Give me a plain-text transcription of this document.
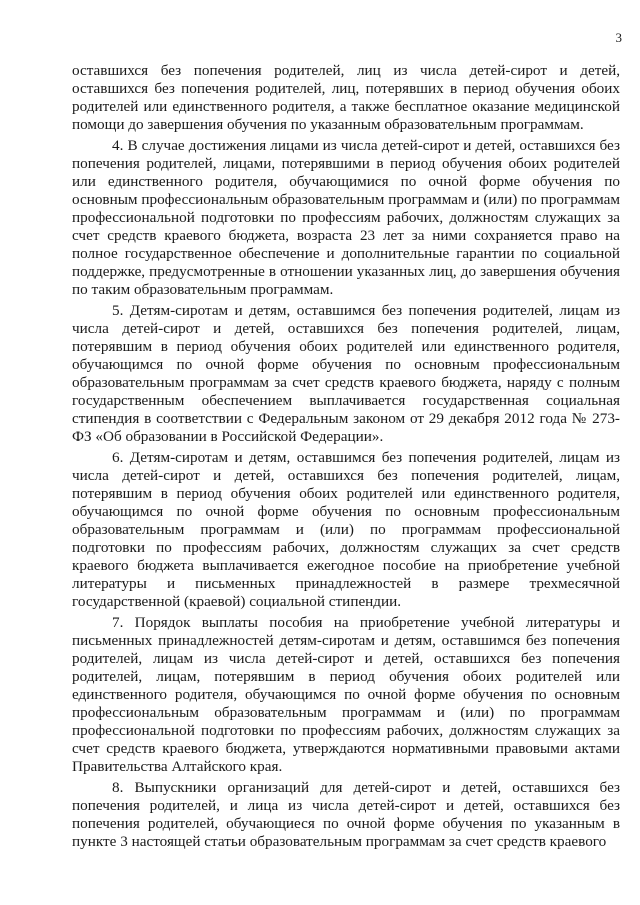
3

оставшихся без попечения родителей, лиц из числа детей-сирот и детей, оставшихся без попечения родителей, лиц, потерявших в период обучения обоих родителей или единственного родителя, а также бесплатное оказание медицинской помощи до завершения обучения по указанным образовательным программам.

4. В случае достижения лицами из числа детей-сирот и детей, оставшихся без попечения родителей, лицами, потерявшими в период обучения обоих родителей или единственного родителя, обучающимися по очной форме обучения по основным профессиональным образовательным программам и (или) по программам профессиональной подготовки по профессиям рабочих, должностям служащих за счет средств краевого бюджета, возраста 23 лет за ними сохраняется право на полное государственное обеспечение и дополнительные гарантии по социальной поддержке, предусмотренные в отношении указанных лиц, до завершения обучения по таким образовательным программам.

5. Детям-сиротам и детям, оставшимся без попечения родителей, лицам из числа детей-сирот и детей, оставшихся без попечения родителей, лицам, потерявшим в период обучения обоих родителей или единственного родителя, обучающимся по очной форме обучения по основным профессиональным образовательным программам за счет средств краевого бюджета, наряду с полным государственным обеспечением выплачивается государственная социальная стипендия в соответствии с Федеральным законом от 29 декабря 2012 года № 273-ФЗ «Об образовании в Российской Федерации».

6. Детям-сиротам и детям, оставшимся без попечения родителей, лицам из числа детей-сирот и детей, оставшихся без попечения родителей, лицам, потерявшим в период обучения обоих родителей или единственного родителя, обучающимся по очной форме обучения по основным профессиональным образовательным программам и (или) по программам профессиональной подготовки по профессиям рабочих, должностям служащих за счет средств краевого бюджета выплачивается ежегодное пособие на приобретение учебной литературы и письменных принадлежностей в размере трехмесячной государственной (краевой) социальной стипендии.

7. Порядок выплаты пособия на приобретение учебной литературы и письменных принадлежностей детям-сиротам и детям, оставшимся без попечения родителей, лицам из числа детей-сирот и детей, оставшихся без попечения родителей, лицам, потерявшим в период обучения обоих родителей или единственного родителя, обучающимся по очной форме обучения по основным профессиональным образовательным программам и (или) по программам профессиональной подготовки по профессиям рабочих, должностям служащих за счет средств краевого бюджета, утверждаются нормативными правовыми актами Правительства Алтайского края.

8. Выпускники организаций для детей-сирот и детей, оставшихся без попечения родителей, и лица из числа детей-сирот и детей, оставшихся без попечения родителей, обучающиеся по очной форме обучения по указанным в пункте 3 настоящей статьи образовательным программам за счет средств краевого
